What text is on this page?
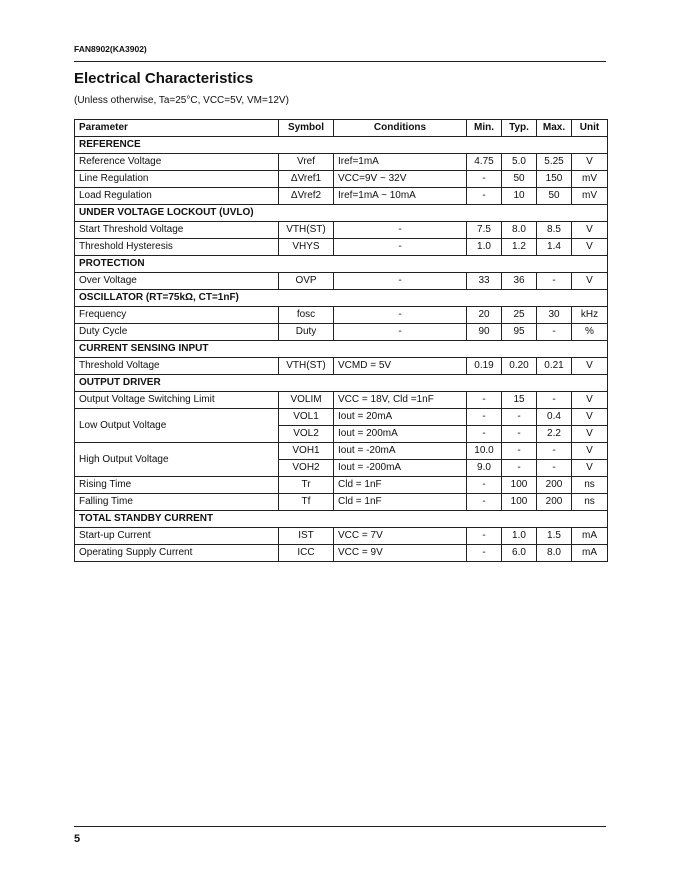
FAN8902(KA3902)
Electrical Characteristics
(Unless otherwise, Ta=25°C, VCC=5V, VM=12V)
Parameter	Symbol	Conditions	Min.	Typ.	Max.	Unit
REFERENCE						
Reference Voltage	Vref	Iref=1mA	4.75	5.0	5.25	V
Line Regulation	ΔVref1	VCC=9V ~ 32V	-	50	150	mV
Load Regulation	ΔVref2	Iref=1mA ~ 10mA	-	10	50	mV
UNDER VOLTAGE LOCKOUT (UVLO)						
Start Threshold Voltage	VTH(ST)	-	7.5	8.0	8.5	V
Threshold Hysteresis	VHYS	-	1.0	1.2	1.4	V
PROTECTION						
Over Voltage	OVP	-	33	36	-	V
OSCILLATOR (RT=75kΩ, CT=1nF)						
Frequency	fosc	-	20	25	30	kHz
Duty Cycle	Duty	-	90	95	-	%
CURRENT SENSING INPUT						
Threshold Voltage	VTH(ST)	VCMD = 5V	0.19	0.20	0.21	V
OUTPUT DRIVER						
Output Voltage Switching Limit	VOLIM	VCC = 18V, Cld =1nF	-	15	-	V
Low Output Voltage	VOL1	Iout = 20mA	-	-	0.4	V
	VOL2	Iout = 200mA	-	-	2.2	V
High Output Voltage	VOH1	Iout = -20mA	10.0	-	-	V
	VOH2	Iout = -200mA	9.0	-	-	V
Rising Time	Tr	Cld = 1nF	-	100	200	ns
Falling Time	Tf	Cld = 1nF	-	100	200	ns
TOTAL STANDBY CURRENT						
Start-up Current	IST	VCC = 7V	-	1.0	1.5	mA
Operating Supply Current	ICC	VCC = 9V	-	6.0	8.0	mA
5
